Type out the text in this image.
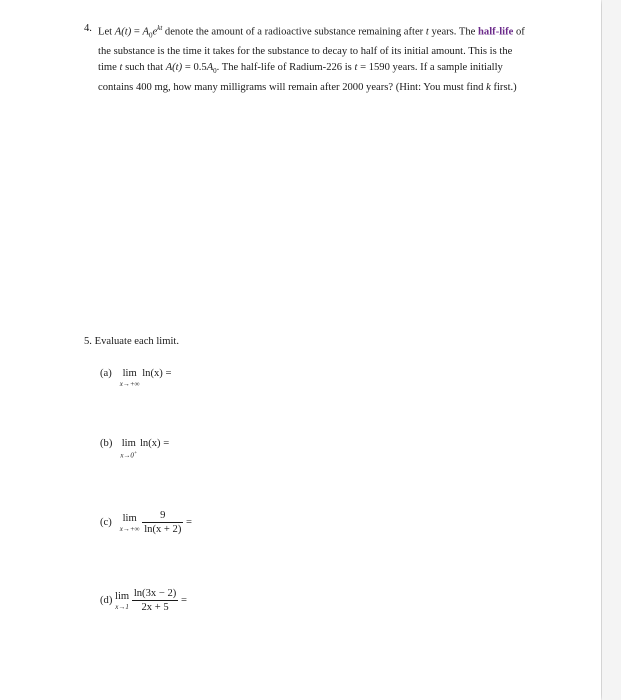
4. Let $A(t) = A_0e^{kt}$ denote the amount of a radioactive substance remaining after t years. The half-life of the substance is the time it takes for the substance to decay to half of its initial amount. This is the time t such that $A(t) = 0.5A_0$. The half-life of Radium-226 is t = 1590 years. If a sample initially contains 400 mg, how many milligrams will remain after 2000 years? (Hint: You must find k first.)
5. Evaluate each limit.
(a) lim
x→+∞
ln(x) =
(b) lim
x→0+
ln(x) =
(c) lim
x→+∞
$\frac{9}{\ln(x + 2)}$ =
(d) lim
x→1
$\frac{\ln(3x - 2)}{2x + 5}$ =
